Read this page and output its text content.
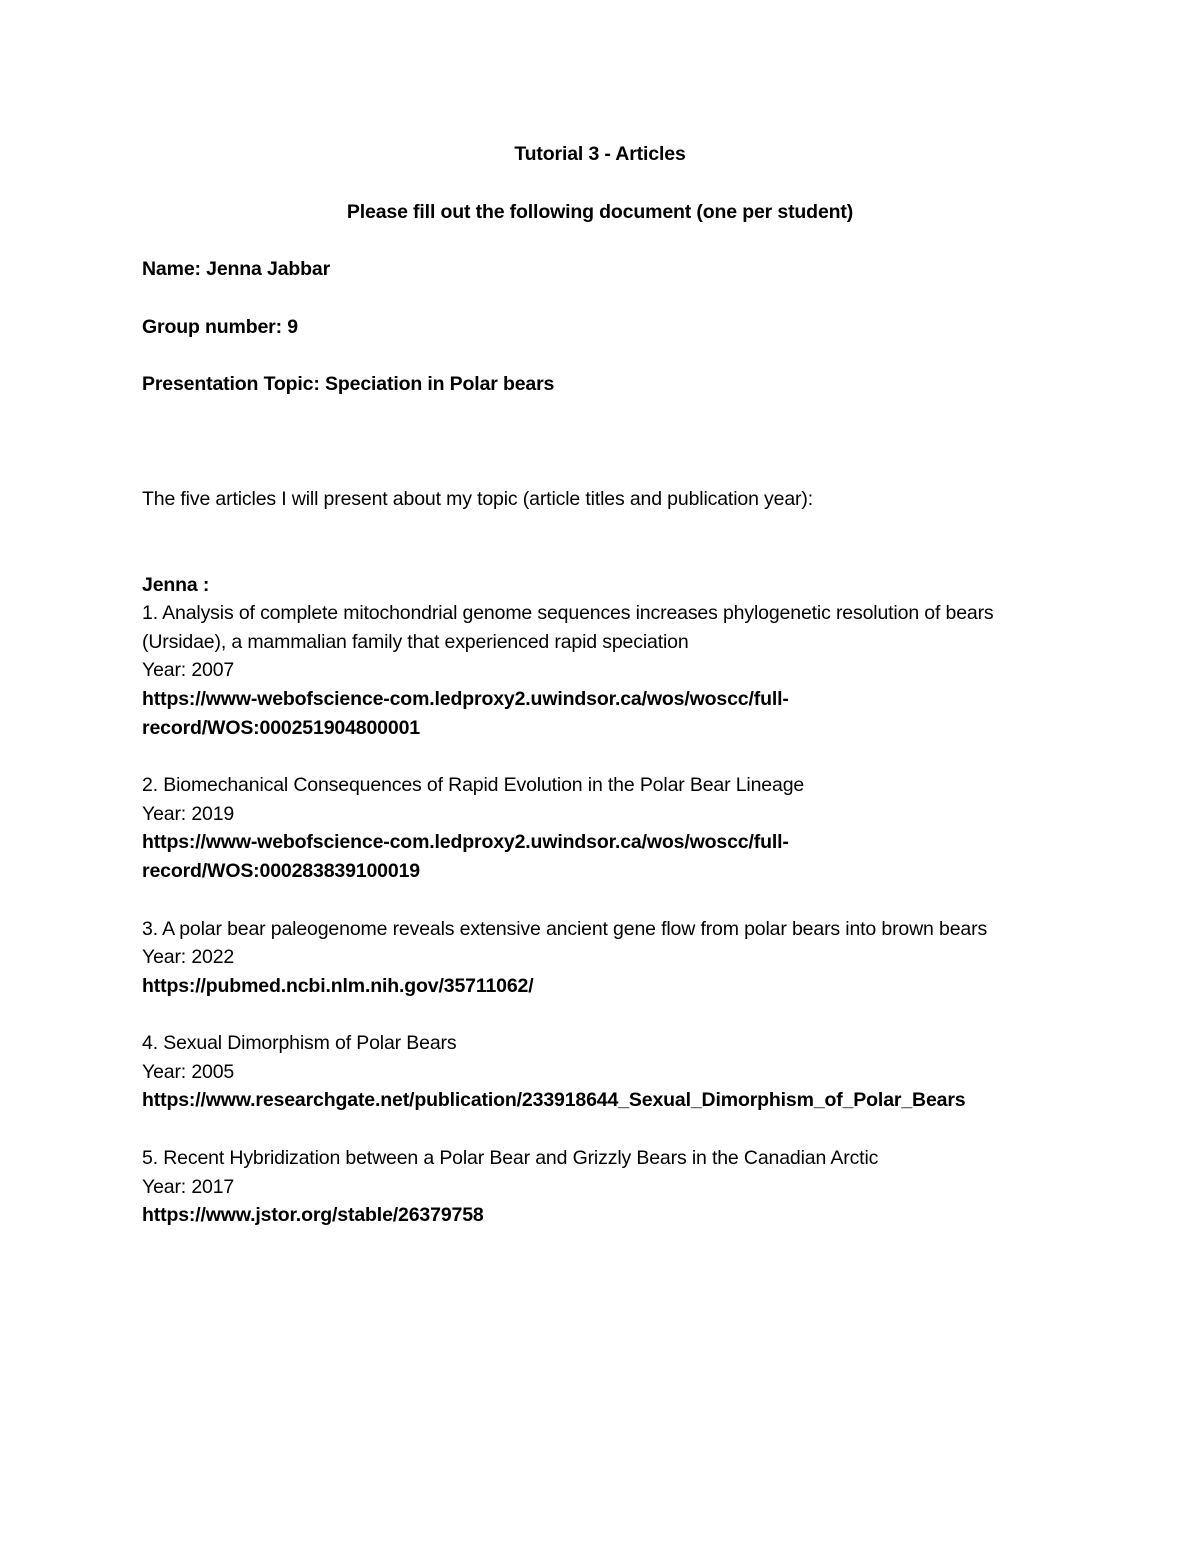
Tutorial 3 - Articles

Please fill out the following document (one per student)

Name: Jenna Jabbar

Group number: 9

Presentation Topic: Speciation in Polar bears

The five articles I will present about my topic (article titles and publication year):

Jenna :

1. Analysis of complete mitochondrial genome sequences increases phylogenetic resolution of bears (Ursidae), a mammalian family that experienced rapid speciation

Year: 2007

https://www-webofscience-com.ledproxy2.uwindsor.ca/wos/woscc/full-

record/WOS:000251904800001

2. Biomechanical Consequences of Rapid Evolution in the Polar Bear Lineage

Year: 2019

https://www-webofscience-com.ledproxy2.uwindsor.ca/wos/woscc/full-

record/WOS:000283839100019

3. A polar bear paleogenome reveals extensive ancient gene flow from polar bears into brown bears

Year: 2022

https://pubmed.ncbi.nlm.nih.gov/35711062/

4. Sexual Dimorphism of Polar Bears

Year: 2005

https://www.researchgate.net/publication/233918644_Sexual_Dimorphism_of_Polar_Bears

5. Recent Hybridization between a Polar Bear and Grizzly Bears in the Canadian Arctic

Year: 2017

https://www.jstor.org/stable/26379758
